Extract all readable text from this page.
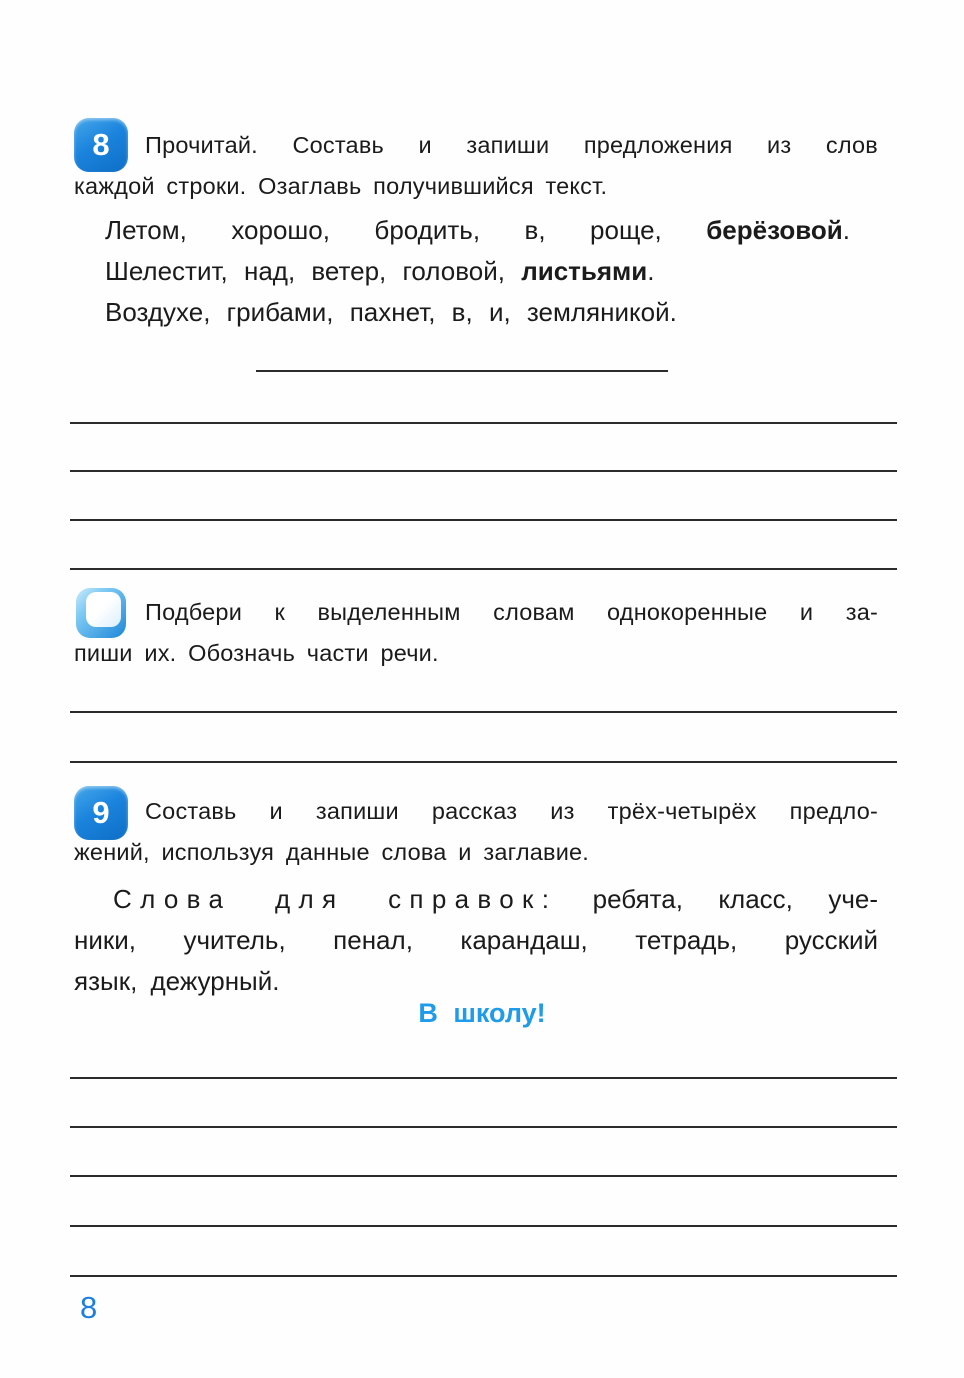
8 Прочитай. Составь и запиши предложения из слов
каждой строки. Озаглавь получившийся текст.
Летом, хорошо, бродить, в, роще, берёзовой.
Шелестит, над, ветер, головой, листьями.
Воздухе, грибами, пахнет, в, и, земляникой.
Подбери к выделенным словам однокоренные и за-
пиши их. Обозначь части речи.
9 Составь и запиши рассказ из трёх-четырёх предло-
жений, используя данные слова и заглавие.
Слова для справок: ребята, класс, уче-
ники, учитель, пенал, карандаш, тетрадь, русский
язык, дежурный.
В школу!
8
